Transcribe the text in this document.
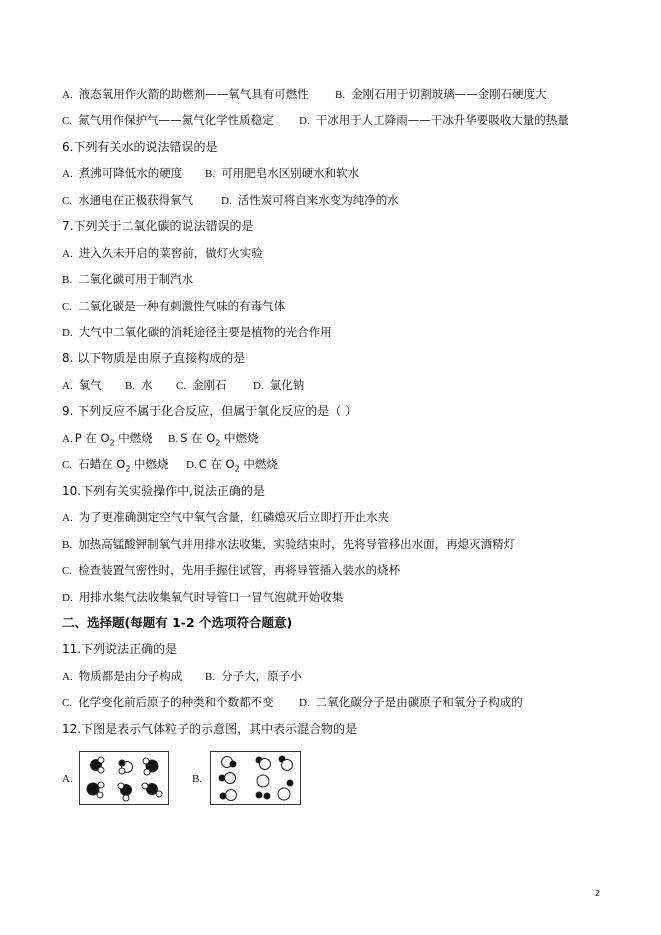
A. 液态氧用作火箭的助燃剂——氧气具有可燃性 B. 金刚石用于切割玻璃——金刚石硬度大
C. 氮气用作保护气——氮气化学性质稳定 D. 干冰用于人工降雨——干冰升华要吸收大量的热量
6.下列有关水的说法错误的是
A. 煮沸可降低水的硬度 B. 可用肥皂水区别硬水和软水
C. 水通电在正极获得氧气	D. 活性炭可将自来水变为纯净的水
7.下列关于二氧化碳的说法错误的是
A. 进入久未开启的菜窖前，做灯火实验
B. 二氧化碳可用于制汽水
C. 二氧化碳是一种有刺激性气味的有毒气体
D. 大气中二氧化碳的消耗途径主要是植物的光合作用
8. 以下物质是由原子直接构成的是
A. 氧气 B. 水 C. 金刚石 D. 氯化钠
9. 下列反应不属于化合反应，但属于氧化反应的是（ ）
A. P 在 $O_2$ 中燃烧 B. S 在 $O_2$ 中燃烧
C. 石蜡在 $O_2$ 中燃烧 D. C 在 $O_2$ 中燃烧
10.下列有关实验操作中,说法正确的是
A. 为了更准确测定空气中氧气含量，红磷熄灭后立即打开止水夹
B. 加热高锰酸钾制氧气并用排水法收集，实验结束时，先将导管移出水面，再熄灭酒精灯
C. 检查装置气密性时，先用手握住试管，再将导管插入装水的烧杯
D. 用排水集气法收集氧气时导管口一冒气泡就开始收集
二、选择题(每题有 1-2 个选项符合题意)
11.下列说法正确的是
A. 物质都是由分子构成 B. 分子大，原子小
C. 化学变化前后原子的种类和个数都不变 D. 二氧化碳分子是由碳原子和氧分子构成的
12.下图是表示气体粒子的示意图，其中表示混合物的是
A.	B.
2
